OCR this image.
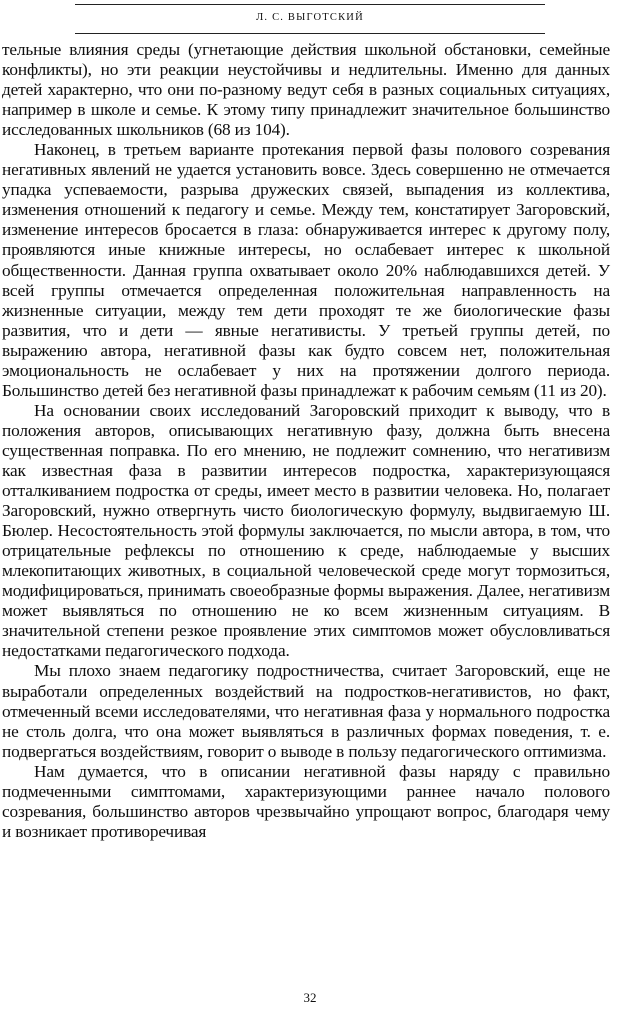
Л. С. ВЫГОТСКИЙ

тельные влияния среды (угнетающие действия школьной обстановки, семейные конфликты), но эти реакции неустойчивы и недлительны. Именно для данных детей характерно, что они по-разному ведут себя в разных социальных ситуациях, например в школе и семье. К этому типу принадлежит значительное большинство исследованных школьников (68 из 104).

Наконец, в третьем варианте протекания первой фазы полового созревания негативных явлений не удается установить вовсе. Здесь совершенно не отмечается упадка успеваемости, разрыва дружеских связей, выпадения из коллектива, изменения отношений к педагогу и семье. Между тем, констатирует Загоровский, изменение интересов бросается в глаза: обнаруживается интерес к другому полу, проявляются иные книжные интересы, но ослабевает интерес к школьной общественности. Данная группа охватывает около 20% наблюдавшихся детей. У всей группы отмечается определенная положительная направленность на жизненные ситуации, между тем дети проходят те же биологические фазы развития, что и дети — явные негативисты. У третьей группы детей, по выражению автора, негативной фазы как будто совсем нет, положительная эмоциональность не ослабевает у них на протяжении долгого периода. Большинство детей без негативной фазы принадлежат к рабочим семьям (11 из 20).

На основании своих исследований Загоровский приходит к выводу, что в положения авторов, описывающих негативную фазу, должна быть внесена существенная поправка. По его мнению, не подлежит сомнению, что негативизм как известная фаза в развитии интересов подростка, характеризующаяся отталкиванием подростка от среды, имеет место в развитии человека. Но, полагает Загоровский, нужно отвергнуть чисто биологическую формулу, выдвигаемую Ш. Бюлер. Несостоятельность этой формулы заключается, по мысли автора, в том, что отрицательные рефлексы по отношению к среде, наблюдаемые у высших млекопитающих животных, в социальной человеческой среде могут тормозиться, модифицироваться, принимать своеобразные формы выражения. Далее, негативизм может выявляться по отношению не ко всем жизненным ситуациям. В значительной степени резкое проявление этих симптомов может обусловливаться недостатками педагогического подхода.

Мы плохо знаем педагогику подростничества, считает Загоровский, еще не выработали определенных воздействий на подростков-негативистов, но факт, отмеченный всеми исследователями, что негативная фаза у нормального подростка не столь долга, что она может выявляться в различных формах поведения, т. е. подвергаться воздействиям, говорит о выводе в пользу педагогического оптимизма.

Нам думается, что в описании негативной фазы наряду с правильно подмеченными симптомами, характеризующими раннее начало полового созревания, большинство авторов чрезвычайно упрощают вопрос, благодаря чему и возникает противоречивая

32
